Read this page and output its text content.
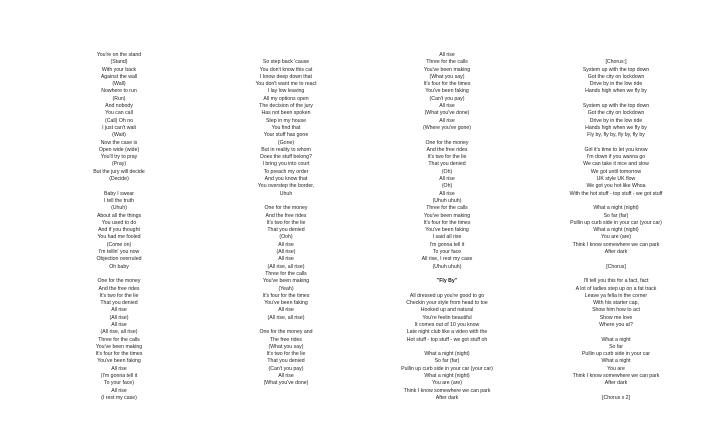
You're on the stand
(Stand)
With your back
Against the wall
(Wall)
Nowhere to run
(Run)
And nobody
You can call
(Call) Oh no
I just can't wait
(Wait)
Now the case is
Open wide (wide)
You'll try to pray
(Pray)
But the jury will decide
(Decide)
Baby I swear
I tell the truth
(Uhuh)
About all the things
You used to do
And if you thought
You had me fooled
(Come on)
I'm tellin' you now
Objection overruled
Oh baby
One for the money
And the free rides
It's two for the lie
That you denied
All rise
(All rise)
All rise
(All rise, all rise)
Three for the calls
You've been making
It's four for the times
You've been faking
All rise
(I'm gonna tell it
To your face)
All rise
(I rest my case)
So step back 'cause
You don't know this cat
I know deep down that
You don't want me to react
I lay low leaving
All my options open
The decision of the jury
Has not been spoken
Step in my house
You find that
Your stuff has gone
(Gone)
But in reality to whom
Does the stuff belong?
I bring you into court
To preach my order
And you know that
You overstep the border,
Uhuh
One for the money
And the free rides
It's two for the lie
That you denied
(Ooh)
All rise
(All rise)
All rise
(All rise, all rise)
Three for the calls
You've been making
(Yeah)
It's four for the times
You've been faking
All rise
(All rise, all rise)
One for the money and
The free rides
(What you say)
It's two for the lie
That you denied
(Can't you pay)
All rise
(What you've done)
All rise
Three for the calls
You've been making
(What you say)
It's four for the times
You've been faking
(Can't you pay)
All rise
(What you've done)
All rise
(Where you've gone)
One for the money
And the free rides
It's two for the lie
That you denied
(Oh)
All rise
(Oh)
All rise
(Uhuh uhuh)
Three for the calls
You've been making
It's four for the times
You've been faking
I said all rise
I'm gonna tell it
To your face
All rise, I rest my case
(Uhuh uhuh)
"Fly By"
All dressed up you're good to go
Checkin your style from head to toe
Hooked up and natural
You're feelin beautiful
It comes out of 10 you know
Late night club like a video with the
Hot stuff - top stuff - we got stuff oh
What a night (night)
So far (far)
Pullin up curb side in your car (your car)
What a night (night)
You are (are)
Think I know somewhere we can park
After dark
[Chorus:]
System up with the top down
Got the city on lockdown
Drive by in the low ride
Hands high when we fly by
System up with the top down
Got the city on lockdown
Drive by in the low ride
Hands high when we fly by
Fly by, fly by, fly by, fly by
Girl it's time to let you know
I'm down if you wanna go
We can take it nice and slow
We got until tomorrow
UK style UK flow
We got you hot like Whoa
With the hot stuff - top stuff - we got stuff
What a night (night)
So far (far)
Pullin up curb side in your car (your car)
What a night (night)
You are (are)
Think I know somewhere we can park
After dark
[Chorus]
I'll tell you this for a fact, fact
A lot of ladies step up on a fat track
Leave ya fella in the corner
With his starter cap,
Show him how to act
Show me love
Where you at?
What a night
So far
Pullin up curb side in your car
What a night
You are
Think I know somewhere we can park
After dark
[Chorus x 2]
